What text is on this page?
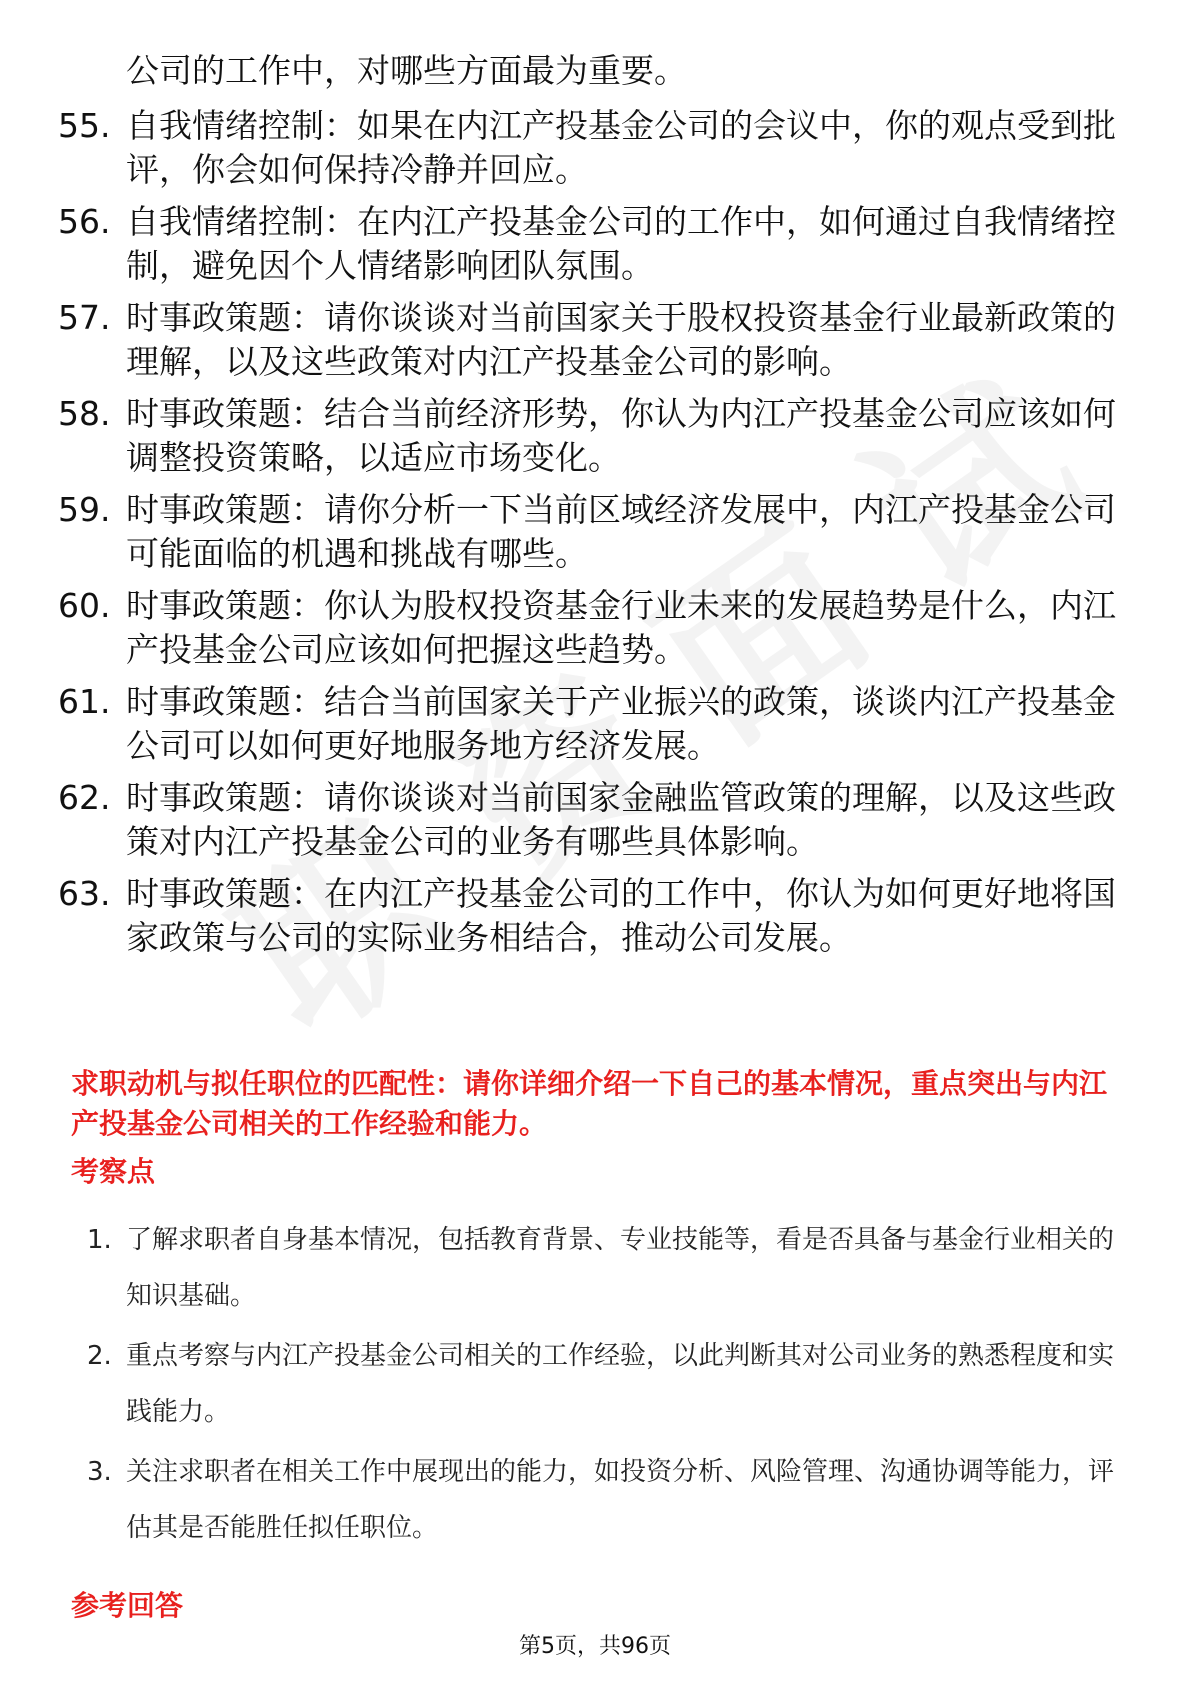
公司的工作中，对哪些方面最为重要。
55. 自我情绪控制：如果在内江产投基金公司的会议中，你的观点受到批评，你会如何保持冷静并回应。
56. 自我情绪控制：在内江产投基金公司的工作中，如何通过自我情绪控制，避免因个人情绪影响团队氛围。
57. 时事政策题：请你谈谈对当前国家关于股权投资基金行业最新政策的理解，以及这些政策对内江产投基金公司的影响。
58. 时事政策题：结合当前经济形势，你认为内江产投基金公司应该如何调整投资策略，以适应市场变化。
59. 时事政策题：请你分析一下当前区域经济发展中，内江产投基金公司可能面临的机遇和挑战有哪些。
60. 时事政策题：你认为股权投资基金行业未来的发展趋势是什么，内江产投基金公司应该如何把握这些趋势。
61. 时事政策题：结合当前国家关于产业振兴的政策，谈谈内江产投基金公司可以如何更好地服务地方经济发展。
62. 时事政策题：请你谈谈对当前国家金融监管政策的理解，以及这些政策对内江产投基金公司的业务有哪些具体影响。
63. 时事政策题：在内江产投基金公司的工作中，你认为如何更好地将国家政策与公司的实际业务相结合，推动公司发展。
求职动机与拟任职位的匹配性：请你详细介绍一下自己的基本情况，重点突出与内江产投基金公司相关的工作经验和能力。
考察点
1. 了解求职者自身基本情况，包括教育背景、专业技能等，看是否具备与基金行业相关的知识基础。
2. 重点考察与内江产投基金公司相关的工作经验，以此判断其对公司业务的熟悉程度和实践能力。
3. 关注求职者在相关工作中展现出的能力，如投资分析、风险管理、沟通协调等能力，评估其是否能胜任拟任职位。
参考回答
第5页，共96页
